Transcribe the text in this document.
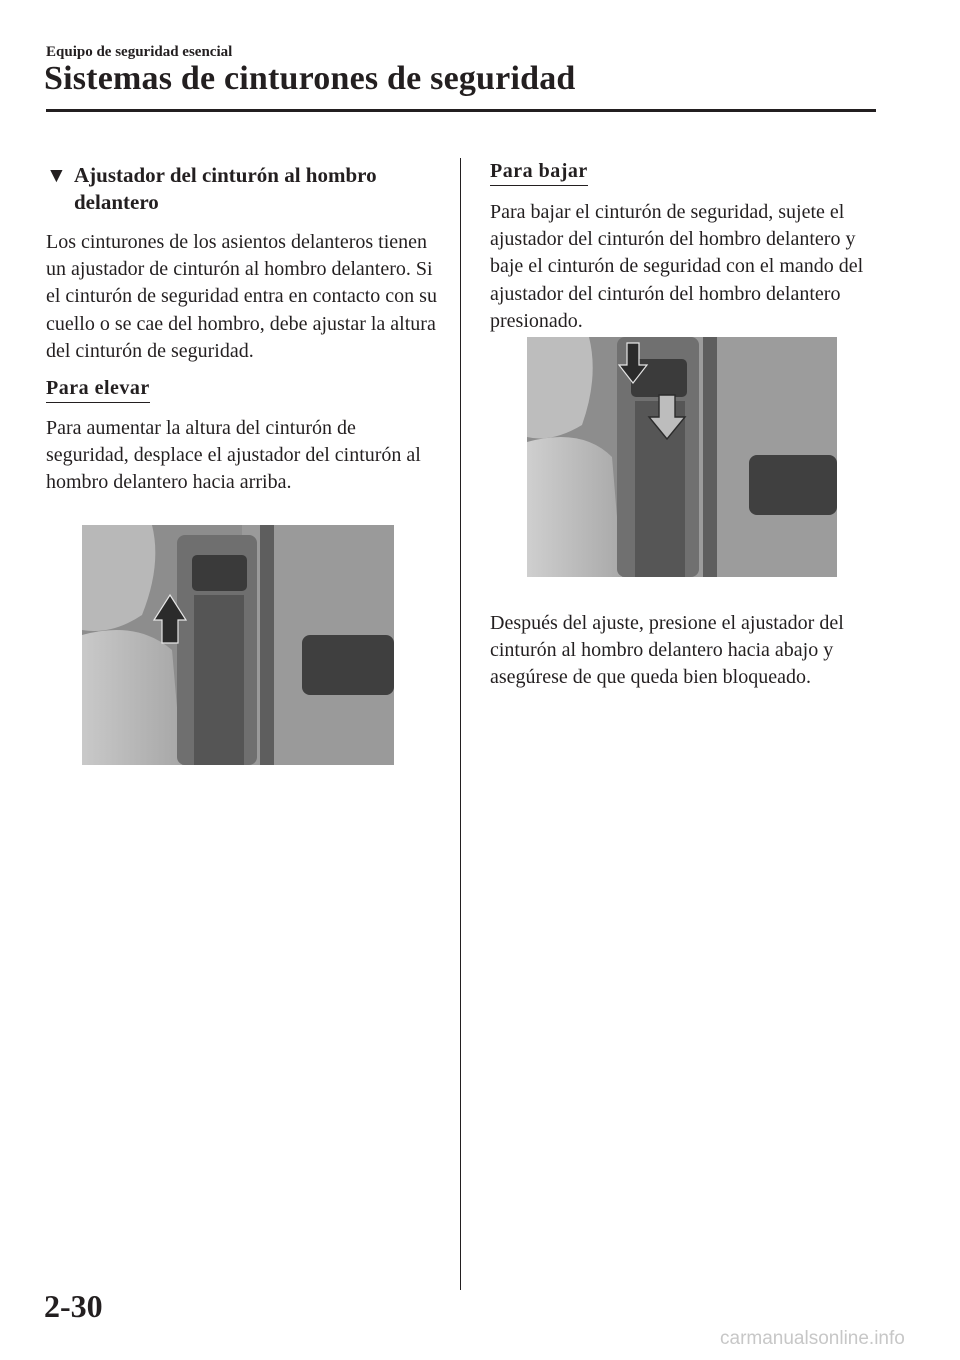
Equipo de seguridad esencial
Sistemas de cinturones de seguridad
▼ Ajustador del cinturón al hombro delantero

Los cinturones de los asientos delanteros tienen un ajustador de cinturón al hombro delantero. Si el cinturón de seguridad entra en contacto con su cuello o se cae del hombro, debe ajustar la altura del cinturón de seguridad.

Para elevar

Para aumentar la altura del cinturón de seguridad, desplace el ajustador del cinturón al hombro delantero hacia arriba.

Para bajar

Para bajar el cinturón de seguridad, sujete el ajustador del cinturón del hombro delantero y baje el cinturón de seguridad con el mando del ajustador del cinturón del hombro delantero presionado.

Después del ajuste, presione el ajustador del cinturón al hombro delantero hacia abajo y asegúrese de que queda bien bloqueado.

2-30
carmanualsonline.info
